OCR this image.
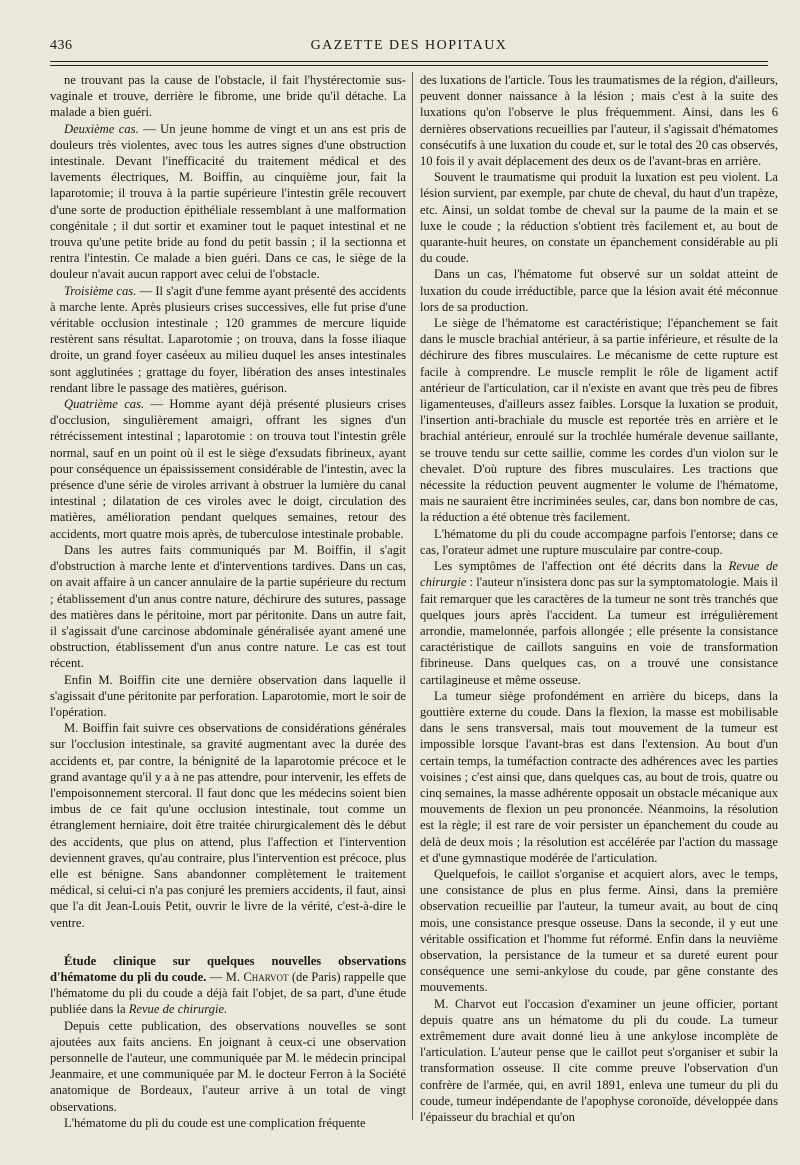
436	GAZETTE DES HOPITAUX

ne trouvant pas la cause de l'obstacle, il fait l'hystérectomie sus-vaginale et trouve, derrière le fibrome, une bride qu'il détache. La malade a bien guéri.

Deuxième cas. — Un jeune homme de vingt et un ans est pris de douleurs très violentes, avec tous les autres signes d'une obstruction intestinale. Devant l'inefficacité du traitement médical et des lavements électriques, M. Boiffin, au cinquième jour, fait la laparotomie; il trouva à la partie supérieure l'intestin grêle recouvert d'une sorte de production épithéliale ressemblant à une malformation congénitale ; il dut sortir et examiner tout le paquet intestinal et ne trouva qu'une petite bride au fond du petit bassin ; il la sectionna et rentra l'intestin. Ce malade a bien guéri. Dans ce cas, le siège de la douleur n'avait aucun rapport avec celui de l'obstacle.

Troisième cas. — Il s'agit d'une femme ayant présenté des accidents à marche lente. Après plusieurs crises successives, elle fut prise d'une véritable occlusion intestinale ; 120 grammes de mercure liquide restèrent sans résultat. Laparotomie ; on trouva, dans la fosse iliaque droite, un grand foyer caséeux au milieu duquel les anses intestinales sont agglutinées ; grattage du foyer, libération des anses intestinales rendant libre le passage des matières, guérison.

Quatrième cas. — Homme ayant déjà présenté plusieurs crises d'occlusion, singulièrement amaigri, offrant les signes d'un rétrécissement intestinal ; laparotomie : on trouva tout l'intestin grêle normal, sauf en un point où il est le siège d'exsudats fibrineux, ayant pour conséquence un épaississement considérable de l'intestin, avec la présence d'une série de viroles arrivant à obstruer la lumière du canal intestinal ; dilatation de ces viroles avec le doigt, circulation des matières, amélioration pendant quelques semaines, retour des accidents, mort quatre mois après, de tuberculose intestinale probable.

Dans les autres faits communiqués par M. Boiffin, il s'agit d'obstruction à marche lente et d'interventions tardives. Dans un cas, on avait affaire à un cancer annulaire de la partie supérieure du rectum ; établissement d'un anus contre nature, déchirure des sutures, passage des matières dans le péritoine, mort par péritonite. Dans un autre fait, il s'agissait d'une carcinose abdominale généralisée ayant amené une obstruction, établissement d'un anus contre nature. Le cas est tout récent.

Enfin M. Boiffin cite une dernière observation dans laquelle il s'agissait d'une péritonite par perforation. Laparotomie, mort le soir de l'opération.

M. Boiffin fait suivre ces observations de considérations générales sur l'occlusion intestinale, sa gravité augmentant avec la durée des accidents et, par contre, la bénignité de la laparotomie précoce et le grand avantage qu'il y a à ne pas attendre, pour intervenir, les effets de l'empoisonnement stercoral. Il faut donc que les médecins soient bien imbus de ce fait qu'une occlusion intestinale, tout comme un étranglement herniaire, doit être traitée chirurgicalement dès le début des accidents, que plus on attend, plus l'affection et l'intervention deviennent graves, qu'au contraire, plus l'intervention est précoce, plus elle est bénigne. Sans abandonner complètement le traitement médical, si celui-ci n'a pas conjuré les premiers accidents, il faut, ainsi que l'a dit Jean-Louis Petit, ouvrir le livre de la vérité, c'est-à-dire le ventre.

Étude clinique sur quelques nouvelles observations d'hématome du pli du coude. — M. Charvot (de Paris) rappelle que l'hématome du pli du coude a déjà fait l'objet, de sa part, d'une étude publiée dans la Revue de chirurgie.

Depuis cette publication, des observations nouvelles se sont ajoutées aux faits anciens. En joignant à ceux-ci une observation personnelle de l'auteur, une communiquée par M. le médecin principal Jeanmaire, et une communiquée par M. le docteur Ferron à la Société anatomique de Bordeaux, l'auteur arrive à un total de vingt observations.

L'hématome du pli du coude est une complication fréquente

des luxations de l'article. Tous les traumatismes de la région, d'ailleurs, peuvent donner naissance à la lésion ; mais c'est à la suite des luxations qu'on l'observe le plus fréquemment. Ainsi, dans les 6 dernières observations recueillies par l'auteur, il s'agissait d'hématomes consécutifs à une luxation du coude et, sur le total des 20 cas observés, 10 fois il y avait déplacement des deux os de l'avant-bras en arrière.

Souvent le traumatisme qui produit la luxation est peu violent. La lésion survient, par exemple, par chute de cheval, du haut d'un trapèze, etc. Ainsi, un soldat tombe de cheval sur la paume de la main et se luxe le coude ; la réduction s'obtient très facilement et, au bout de quarante-huit heures, on constate un épanchement considérable au pli du coude.

Dans un cas, l'hématome fut observé sur un soldat atteint de luxation du coude irréductible, parce que la lésion avait été méconnue lors de sa production.

Le siège de l'hématome est caractéristique; l'épanchement se fait dans le muscle brachial antérieur, à sa partie inférieure, et résulte de la déchirure des fibres musculaires. Le mécanisme de cette rupture est facile à comprendre. Le muscle remplit le rôle de ligament actif antérieur de l'articulation, car il n'existe en avant que très peu de fibres ligamenteuses, d'ailleurs assez faibles. Lorsque la luxation se produit, l'insertion anti-brachiale du muscle est reportée très en arrière et le brachial antérieur, enroulé sur la trochlée humérale devenue saillante, se trouve tendu sur cette saillie, comme les cordes d'un violon sur le chevalet. D'où rupture des fibres musculaires. Les tractions que nécessite la réduction peuvent augmenter le volume de l'hématome, mais ne sauraient être incriminées seules, car, dans bon nombre de cas, la réduction a été obtenue très facilement.

L'hématome du pli du coude accompagne parfois l'entorse; dans ce cas, l'orateur admet une rupture musculaire par contre-coup.

Les symptômes de l'affection ont été décrits dans la Revue de chirurgie : l'auteur n'insistera donc pas sur la symptomatologie. Mais il fait remarquer que les caractères de la tumeur ne sont très tranchés que quelques jours après l'accident. La tumeur est irrégulièrement arrondie, mamelonnée, parfois allongée ; elle présente la consistance caractéristique de caillots sanguins en voie de transformation fibrineuse. Dans quelques cas, on a trouvé une consistance cartilagineuse et même osseuse.

La tumeur siège profondément en arrière du biceps, dans la gouttière externe du coude. Dans la flexion, la masse est mobilisable dans le sens transversal, mais tout mouvement de la tumeur est impossible lorsque l'avant-bras est dans l'extension. Au bout d'un certain temps, la tuméfaction contracte des adhérences avec les parties voisines ; c'est ainsi que, dans quelques cas, au bout de trois, quatre ou cinq semaines, la masse adhérente opposait un obstacle mécanique aux mouvements de flexion un peu prononcée. Néanmoins, la résolution est la règle; il est rare de voir persister un épanchement du coude au delà de deux mois ; la résolution est accélérée par l'action du massage et d'une gymnastique modérée de l'articulation.

Quelquefois, le caillot s'organise et acquiert alors, avec le temps, une consistance de plus en plus ferme. Ainsi, dans la première observation recueillie par l'auteur, la tumeur avait, au bout de cinq mois, une consistance presque osseuse. Dans la seconde, il y eut une véritable ossification et l'homme fut réformé. Enfin dans la neuvième observation, la persistance de la tumeur et sa dureté eurent pour conséquence une semi-ankylose du coude, par gêne constante des mouvements.

M. Charvot eut l'occasion d'examiner un jeune officier, portant depuis quatre ans un hématome du pli du coude. La tumeur extrêmement dure avait donné lieu à une ankylose incomplète de l'articulation. L'auteur pense que le caillot peut s'organiser et subir la transformation osseuse. Il cite comme preuve l'observation d'un confrère de l'armée, qui, en avril 1891, enleva une tumeur du pli du coude, tumeur indépendante de l'apophyse coronoïde, développée dans l'épaisseur du brachial et qu'on
